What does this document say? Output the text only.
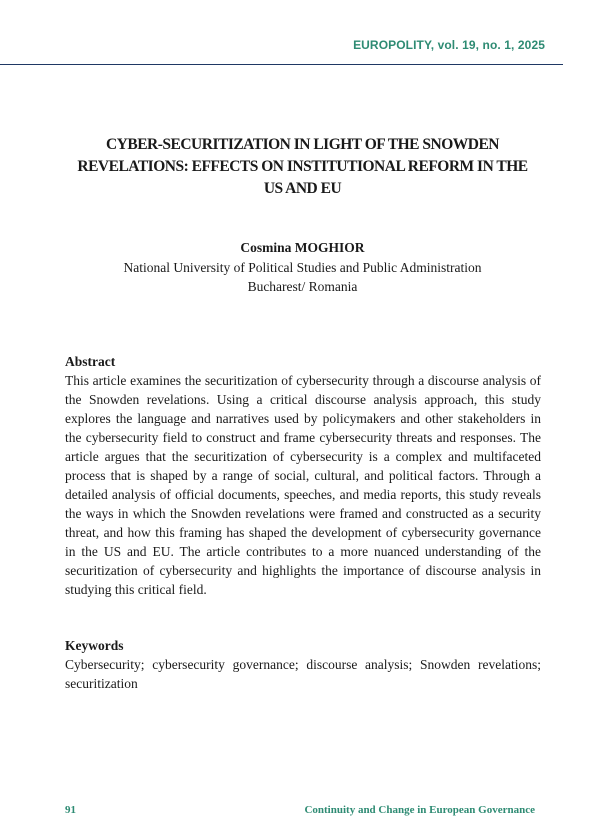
EUROPOLITY, vol. 19, no. 1, 2025
CYBER-SECURITIZATION IN LIGHT OF THE SNOWDEN
REVELATIONS: EFFECTS ON INSTITUTIONAL REFORM IN THE
US AND EU
Cosmina MOGHIOR
National University of Political Studies and Public Administration
Bucharest/ Romania
Abstract
This article examines the securitization of cybersecurity through a discourse analysis of the Snowden revelations. Using a critical discourse analysis approach, this study explores the language and narratives used by policymakers and other stakeholders in the cybersecurity field to construct and frame cybersecurity threats and responses. The article argues that the securitization of cybersecurity is a complex and multifaceted process that is shaped by a range of social, cultural, and political factors. Through a detailed analysis of official documents, speeches, and media reports, this study reveals the ways in which the Snowden revelations were framed and constructed as a security threat, and how this framing has shaped the development of cybersecurity governance in the US and EU. The article contributes to a more nuanced understanding of the securitization of cybersecurity and highlights the importance of discourse analysis in studying this critical field.
Keywords
Cybersecurity; cybersecurity governance; discourse analysis; Snowden revelations; securitization
91	Continuity and Change in European Governance
